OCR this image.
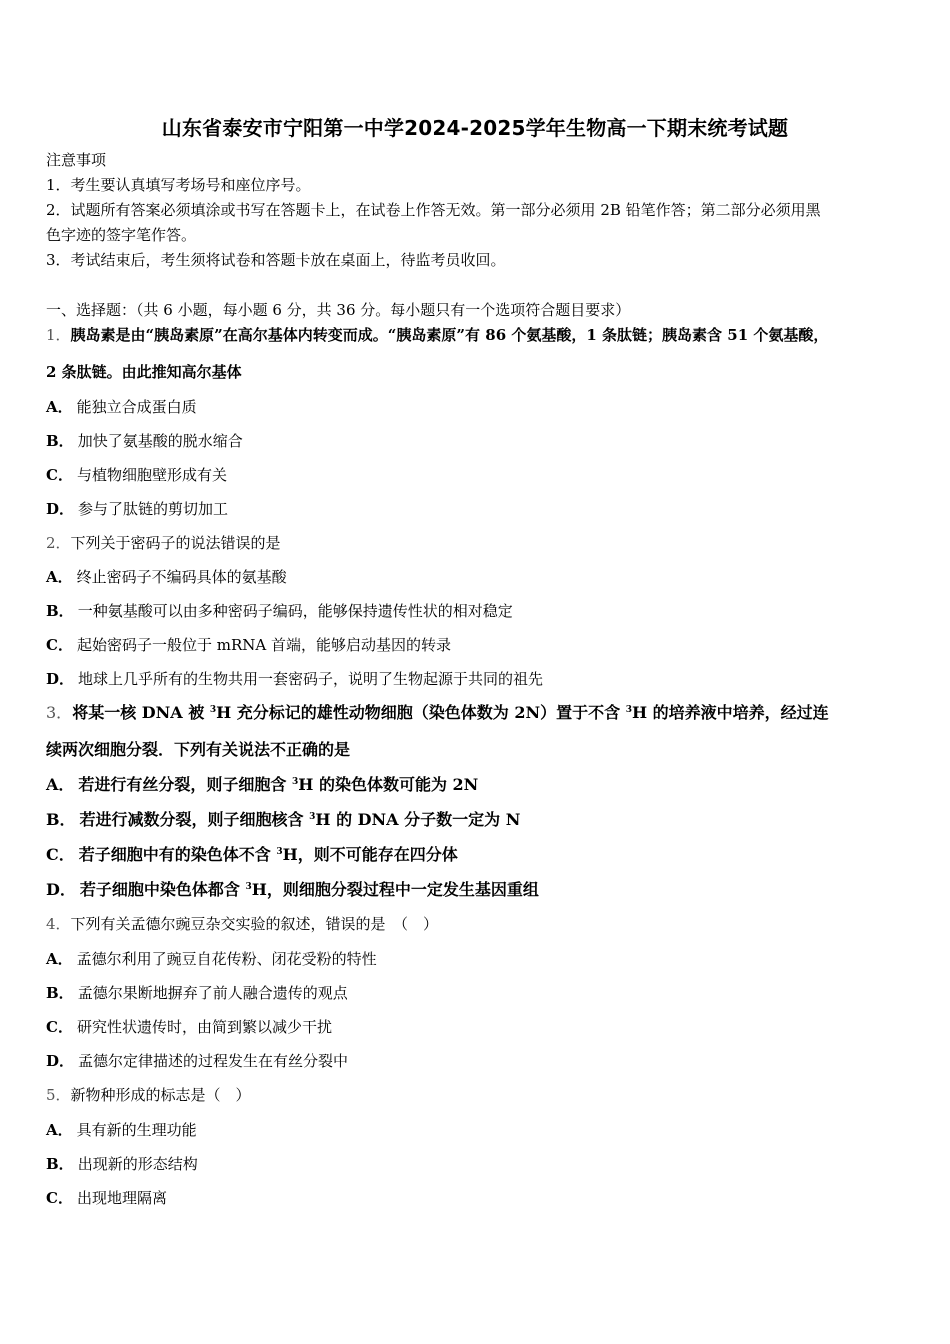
山东省泰安市宁阳第一中学2024-2025学年生物高一下期末统考试题
注意事项
1．考生要认真填写考场号和座位序号。
2．试题所有答案必须填涂或书写在答题卡上，在试卷上作答无效。第一部分必须用 2B 铅笔作答；第二部分必须用黑
色字迹的签字笔作答。
3．考试结束后，考生须将试卷和答题卡放在桌面上，待监考员收回。
一、选择题：（共 6 小题，每小题 6 分，共 36 分。每小题只有一个选项符合题目要求）
1．胰岛素是由“胰岛素原”在高尔基体内转变而成。“胰岛素原”有 86 个氨基酸，1 条肽链；胰岛素含 51 个氨基酸，
2 条肽链。由此推知高尔基体
A． 能独立合成蛋白质
B． 加快了氨基酸的脱水缩合
C． 与植物细胞壁形成有关
D． 参与了肽链的剪切加工
2．下列关于密码子的说法错误的是
A． 终止密码子不编码具体的氨基酸
B． 一种氨基酸可以由多种密码子编码，能够保持遗传性状的相对稳定
C． 起始密码子一般位于 mRNA 首端，能够启动基因的转录
D． 地球上几乎所有的生物共用一套密码子，说明了生物起源于共同的祖先
3．将某一核 DNA 被 $^3$H 充分标记的雄性动物细胞（染色体数为 2N）置于不含 $^3$H 的培养液中培养，经过连
续两次细胞分裂．下列有关说法不正确的是
A． 若进行有丝分裂，则子细胞含 $^3$H 的染色体数可能为 2N
B． 若进行减数分裂，则子细胞核含 $^3$H 的 DNA 分子数一定为 N
C． 若子细胞中有的染色体不含 $^3$H，则不可能存在四分体
D． 若子细胞中染色体都含 $^3$H，则细胞分裂过程中一定发生基因重组
4．下列有关孟德尔豌豆杂交实验的叙述，错误的是　（　）
A． 孟德尔利用了豌豆自花传粉、闭花受粉的特性
B． 孟德尔果断地摒弃了前人融合遗传的观点
C． 研究性状遗传时，由简到繁以减少干扰
D． 孟德尔定律描述的过程发生在有丝分裂中
5．新物种形成的标志是（　）
A． 具有新的生理功能
B． 出现新的形态结构
C． 出现地理隔离
